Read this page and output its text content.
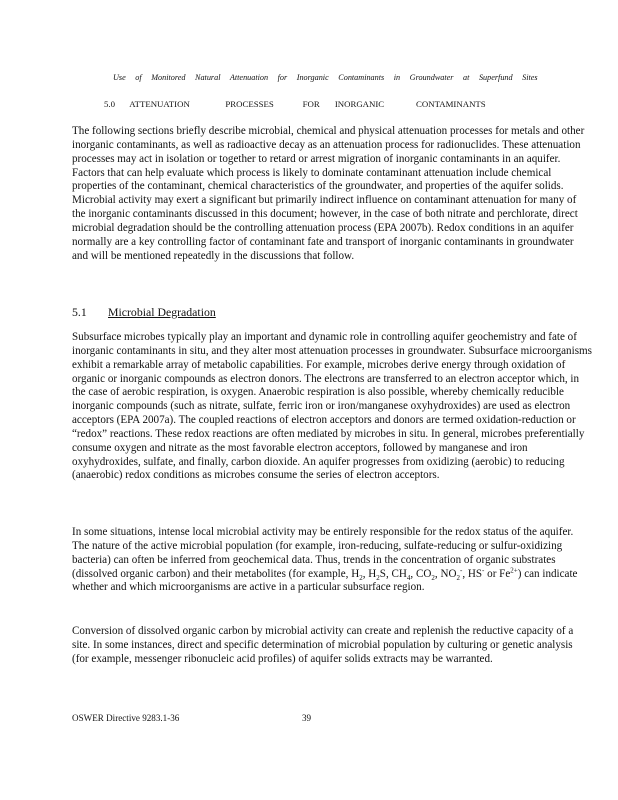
Use of Monitored Natural Attenuation for Inorganic Contaminants in Groundwater at Superfund Sites
5.0 ATTENUATION	PROCESSES	FOR INORGANIC	CONTAMINANTS

The following sections briefly describe microbial, chemical and physical attenuation processes for metals and other inorganic contaminants, as well as radioactive decay as an attenuation process for radionuclides. These attenuation processes may act in isolation or together to retard or arrest migration of inorganic contaminants in an aquifer. Factors that can help evaluate which process is likely to dominate contaminant attenuation include chemical properties of the contaminant, chemical characteristics of the groundwater, and properties of the aquifer solids. Microbial activity may exert a significant but primarily indirect influence on contaminant attenuation for many of the inorganic contaminants discussed in this document; however, in the case of both nitrate and perchlorate, direct microbial degradation should be the controlling attenuation process (EPA 2007b). Redox conditions in an aquifer normally are a key controlling factor of contaminant fate and transport of inorganic contaminants in groundwater and will be mentioned repeatedly in the discussions that follow.

5.1 Microbial Degradation

Subsurface microbes typically play an important and dynamic role in controlling aquifer geochemistry and fate of inorganic contaminants in situ, and they alter most attenuation processes in groundwater. Subsurface microorganisms exhibit a remarkable array of metabolic capabilities. For example, microbes derive energy through oxidation of organic or inorganic compounds as electron donors. The electrons are transferred to an electron acceptor which, in the case of aerobic respiration, is oxygen. Anaerobic respiration is also possible, whereby chemically reducible inorganic compounds (such as nitrate, sulfate, ferric iron or iron/manganese oxyhydroxides) are used as electron acceptors (EPA 2007a). The coupled reactions of electron acceptors and donors are termed oxidation-reduction or “redox” reactions. These redox reactions are often mediated by microbes in situ. In general, microbes preferentially consume oxygen and nitrate as the most favorable electron acceptors, followed by manganese and iron oxyhydroxides, sulfate, and finally, carbon dioxide. An aquifer progresses from oxidizing (aerobic) to reducing (anaerobic) redox conditions as microbes consume the series of electron acceptors.

In some situations, intense local microbial activity may be entirely responsible for the redox status of the aquifer. The nature of the active microbial population (for example, iron-reducing, sulfate-reducing or sulfur-oxidizing bacteria) can often be inferred from geochemical data. Thus, trends in the concentration of organic substrates (dissolved organic carbon) and their metabolites (for example, $H_2$, $H_2S$, $CH_4$, $CO_2$, $NO_2^-$, HS- or $Fe^{2+}$) can indicate whether and which microorganisms are active in a particular subsurface region.

Conversion of dissolved organic carbon by microbial activity can create and replenish the reductive capacity of a site. In some instances, direct and specific determination of microbial population by culturing or genetic analysis (for example, messenger ribonucleic acid profiles) of aquifer solids extracts may be warranted.

OSWER Directive 9283.1-36	39
